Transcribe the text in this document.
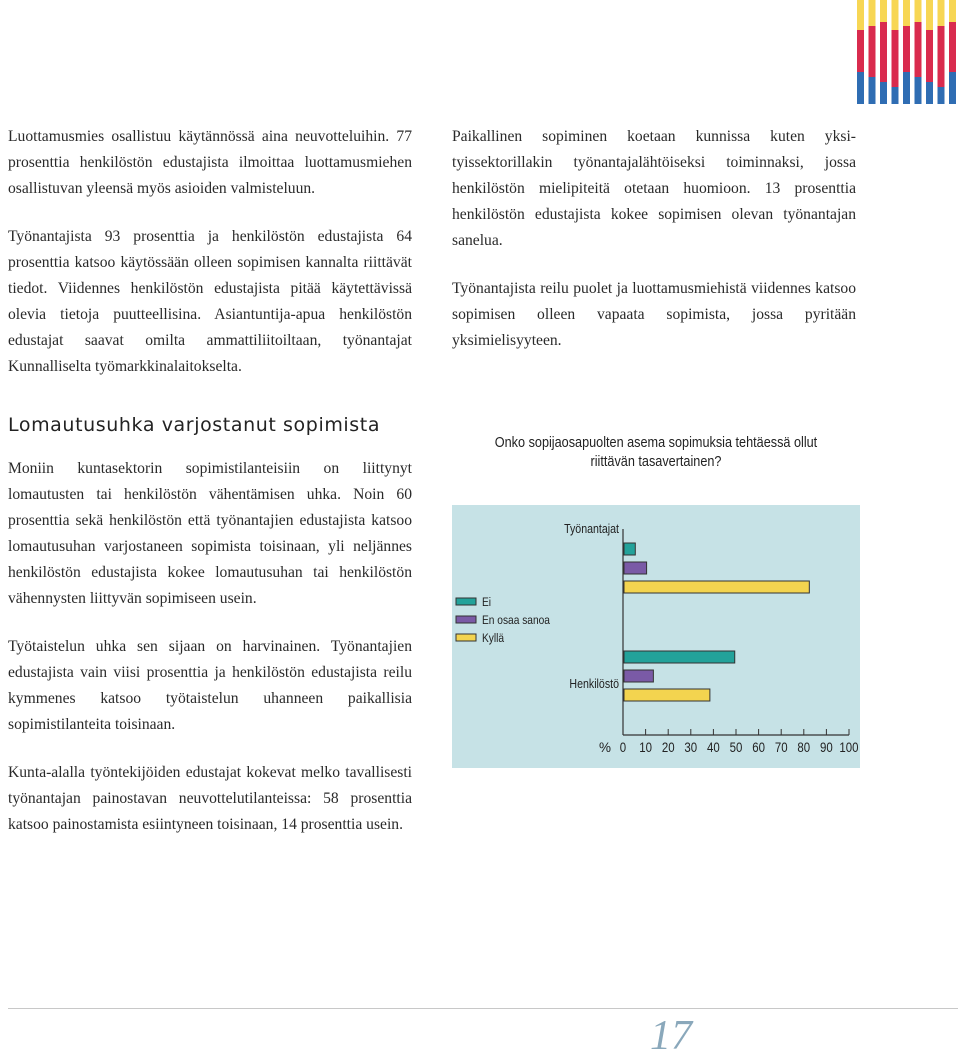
Luottamusmies osallistuu käytännössä aina neuvotteluihin. 77 prosenttia henkilöstön edustajista ilmoittaa luottamusmiehen osallistuvan yleensä myös asioiden valmisteluun.

Työnantajista 93 prosenttia ja henkilöstön edustajista 64 prosenttia katsoo käytössään olleen sopimisen kannalta riittävät tiedot. Viidennes henkilöstön edustajista pitää käytettävissä olevia tietoja puutteellisina. Asiantuntija-apua henkilöstön edustajat saavat omilta ammattiliitoiltaan, työnantajat Kunnalliselta työmarkkinalaitokselta.

Lomautusuhka varjostanut sopimista

Moniin kuntasektorin sopimistilanteisiin on liittynyt lomautusten tai henkilöstön vähentämisen uhka. Noin 60 prosenttia sekä henkilöstön että työnantajien edustajista katsoo lomautusuhan varjostaneen sopimista toisinaan, yli neljännes henkilöstön edustajista kokee lomautusuhan tai henkilöstön vähennysten liittyvän sopimiseen usein.

Työtaistelun uhka sen sijaan on harvinainen. Työnantajien edustajista vain viisi prosenttia ja henkilöstön edustajista reilu kymmenes katsoo työtaistelun uhanneen paikallisia sopimistilanteita toisinaan.

Kunta-alalla työntekijöiden edustajat kokevat melko tavallisesti työnantajan painostavan neuvottelutilanteissa: 58 prosenttia katsoo painostamista esiintyneen toisinaan, 14 prosenttia usein.

Paikallinen sopiminen koetaan kunnissa kuten yksityissektorillakin työnantajalähtöiseksi toiminnaksi, jossa henkilöstön mielipiteitä otetaan huomioon. 13 prosenttia henkilöstön edustajista kokee sopimisen olevan työnantajan sanelua.

Työnantajista reilu puolet ja luottamusmiehistä viidennes katsoo sopimisen olleen vapaata sopimista, jossa pyritään yksimielisyyteen.

Onko sopijaosapuolten asema sopimuksia tehtäessä ollut riittävän tasavertainen?
Työnantajat
Henkilöstö
0 10 20 30 40 50 60 70 80 90 100
%
Ei
En osaa sanoa
Kyllä
17
